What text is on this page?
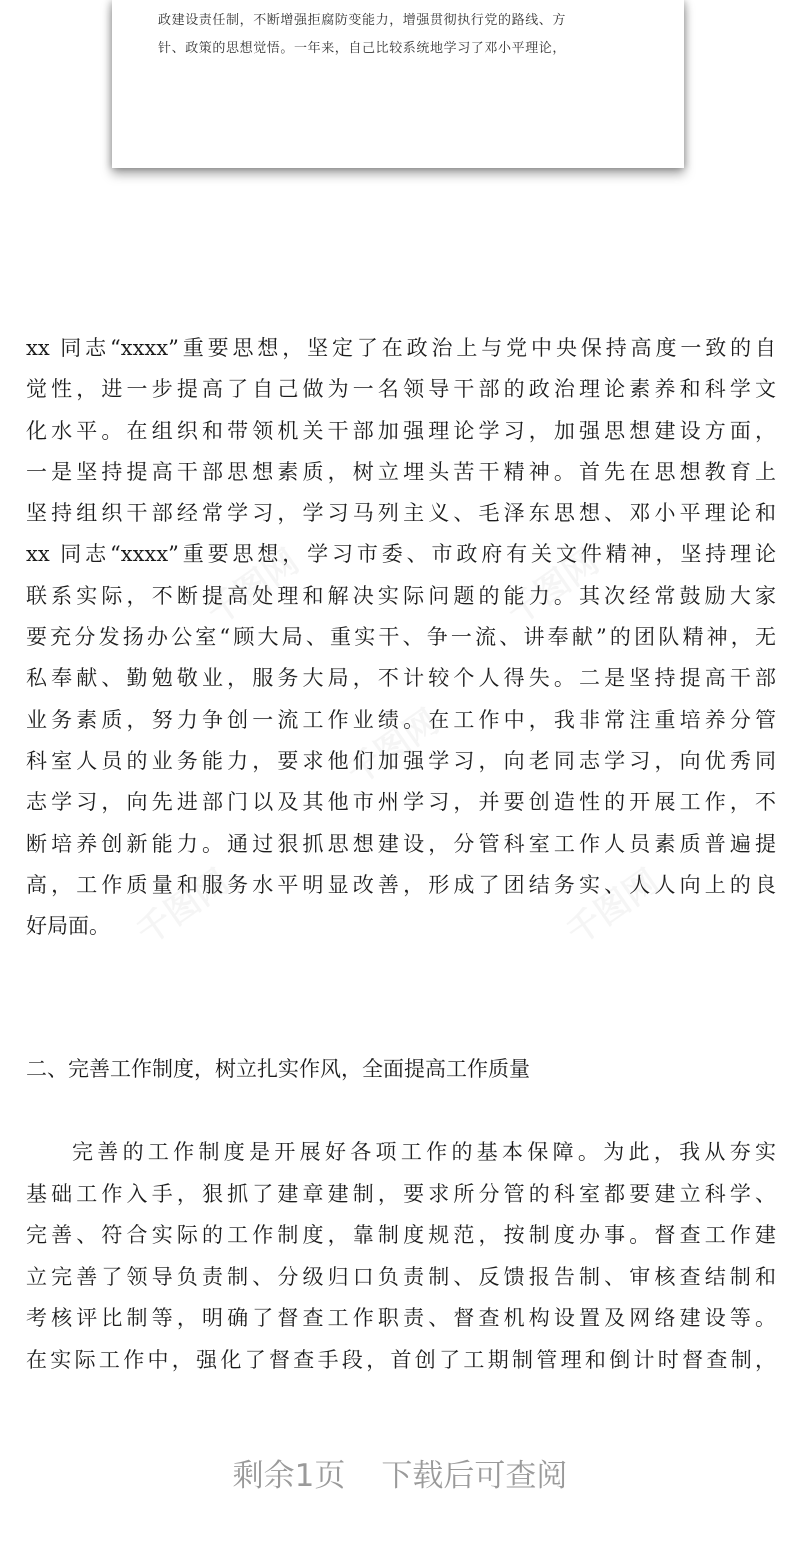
政建设责任制，不断增强拒腐防变能力，增强贯彻执行党的路线、方
针、政策的思想觉悟。一年来，自己比较系统地学习了邓小平理论，
千图网	千图网
千图网
千图网	千图网
xx 同志“xxxx”重要思想，坚定了在政治上与党中央保持高度一致的自
觉性，进一步提高了自己做为一名领导干部的政治理论素养和科学文
化水平。在组织和带领机关干部加强理论学习，加强思想建设方面，
一是坚持提高干部思想素质，树立埋头苦干精神。首先在思想教育上
坚持组织干部经常学习，学习马列主义、毛泽东思想、邓小平理论和
xx 同志“xxxx”重要思想，学习市委、市政府有关文件精神，坚持理论
联系实际，不断提高处理和解决实际问题的能力。其次经常鼓励大家
要充分发扬办公室“顾大局、重实干、争一流、讲奉献”的团队精神，无
私奉献、勤勉敬业，服务大局，不计较个人得失。二是坚持提高干部
业务素质，努力争创一流工作业绩。在工作中，我非常注重培养分管
科室人员的业务能力，要求他们加强学习，向老同志学习，向优秀同
志学习，向先进部门以及其他市州学习，并要创造性的开展工作，不
断培养创新能力。通过狠抓思想建设，分管科室工作人员素质普遍提
高，工作质量和服务水平明显改善，形成了团结务实、人人向上的良
好局面。
二、完善工作制度，树立扎实作风，全面提高工作质量
完善的工作制度是开展好各项工作的基本保障。为此，我从夯实
基础工作入手，狠抓了建章建制，要求所分管的科室都要建立科学、
完善、符合实际的工作制度，靠制度规范，按制度办事。督查工作建
立完善了领导负责制、分级归口负责制、反馈报告制、审核查结制和
考核评比制等，明确了督查工作职责、督查机构设置及网络建设等。
在实际工作中，强化了督查手段，首创了工期制管理和倒计时督查制，
剩余1页 下载后可查阅
